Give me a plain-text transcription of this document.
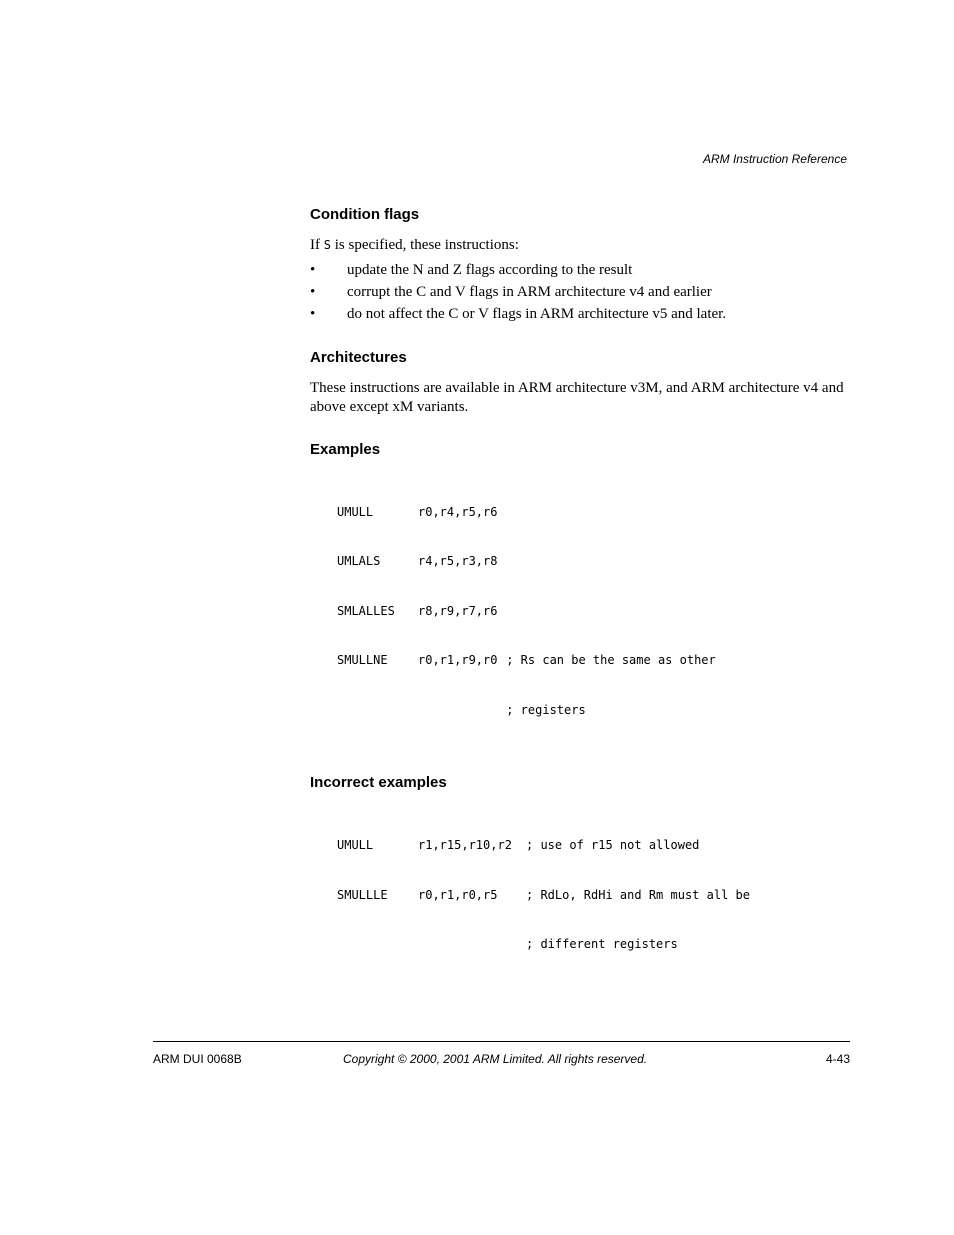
ARM Instruction Reference
Condition flags

If S is specified, these instructions:

• update the N and Z flags according to the result
• corrupt the C and V flags in ARM architecture v4 and earlier
• do not affect the C or V flags in ARM architecture v5 and later.
Architectures

These instructions are available in ARM architecture v3M, and ARM architecture v4 and above except xM variants.

Examples

UMULL	r0,r4,r5,r6

UMLALS	r4,r5,r3,r8

SMLALLES	r8,r9,r7,r6

SMULLNE	r0,r1,r9,r0 ; Rs can be the same as other

; registers

Incorrect examples

UMULL	r1,r15,r10,r2	; use of r15 not allowed

SMULLLE	r0,r1,r0,r5	; RdLo, RdHi and Rm must all be

; different registers

ARM DUI 0068B	Copyright © 2000, 2001 ARM Limited. All rights reserved.	4-43
